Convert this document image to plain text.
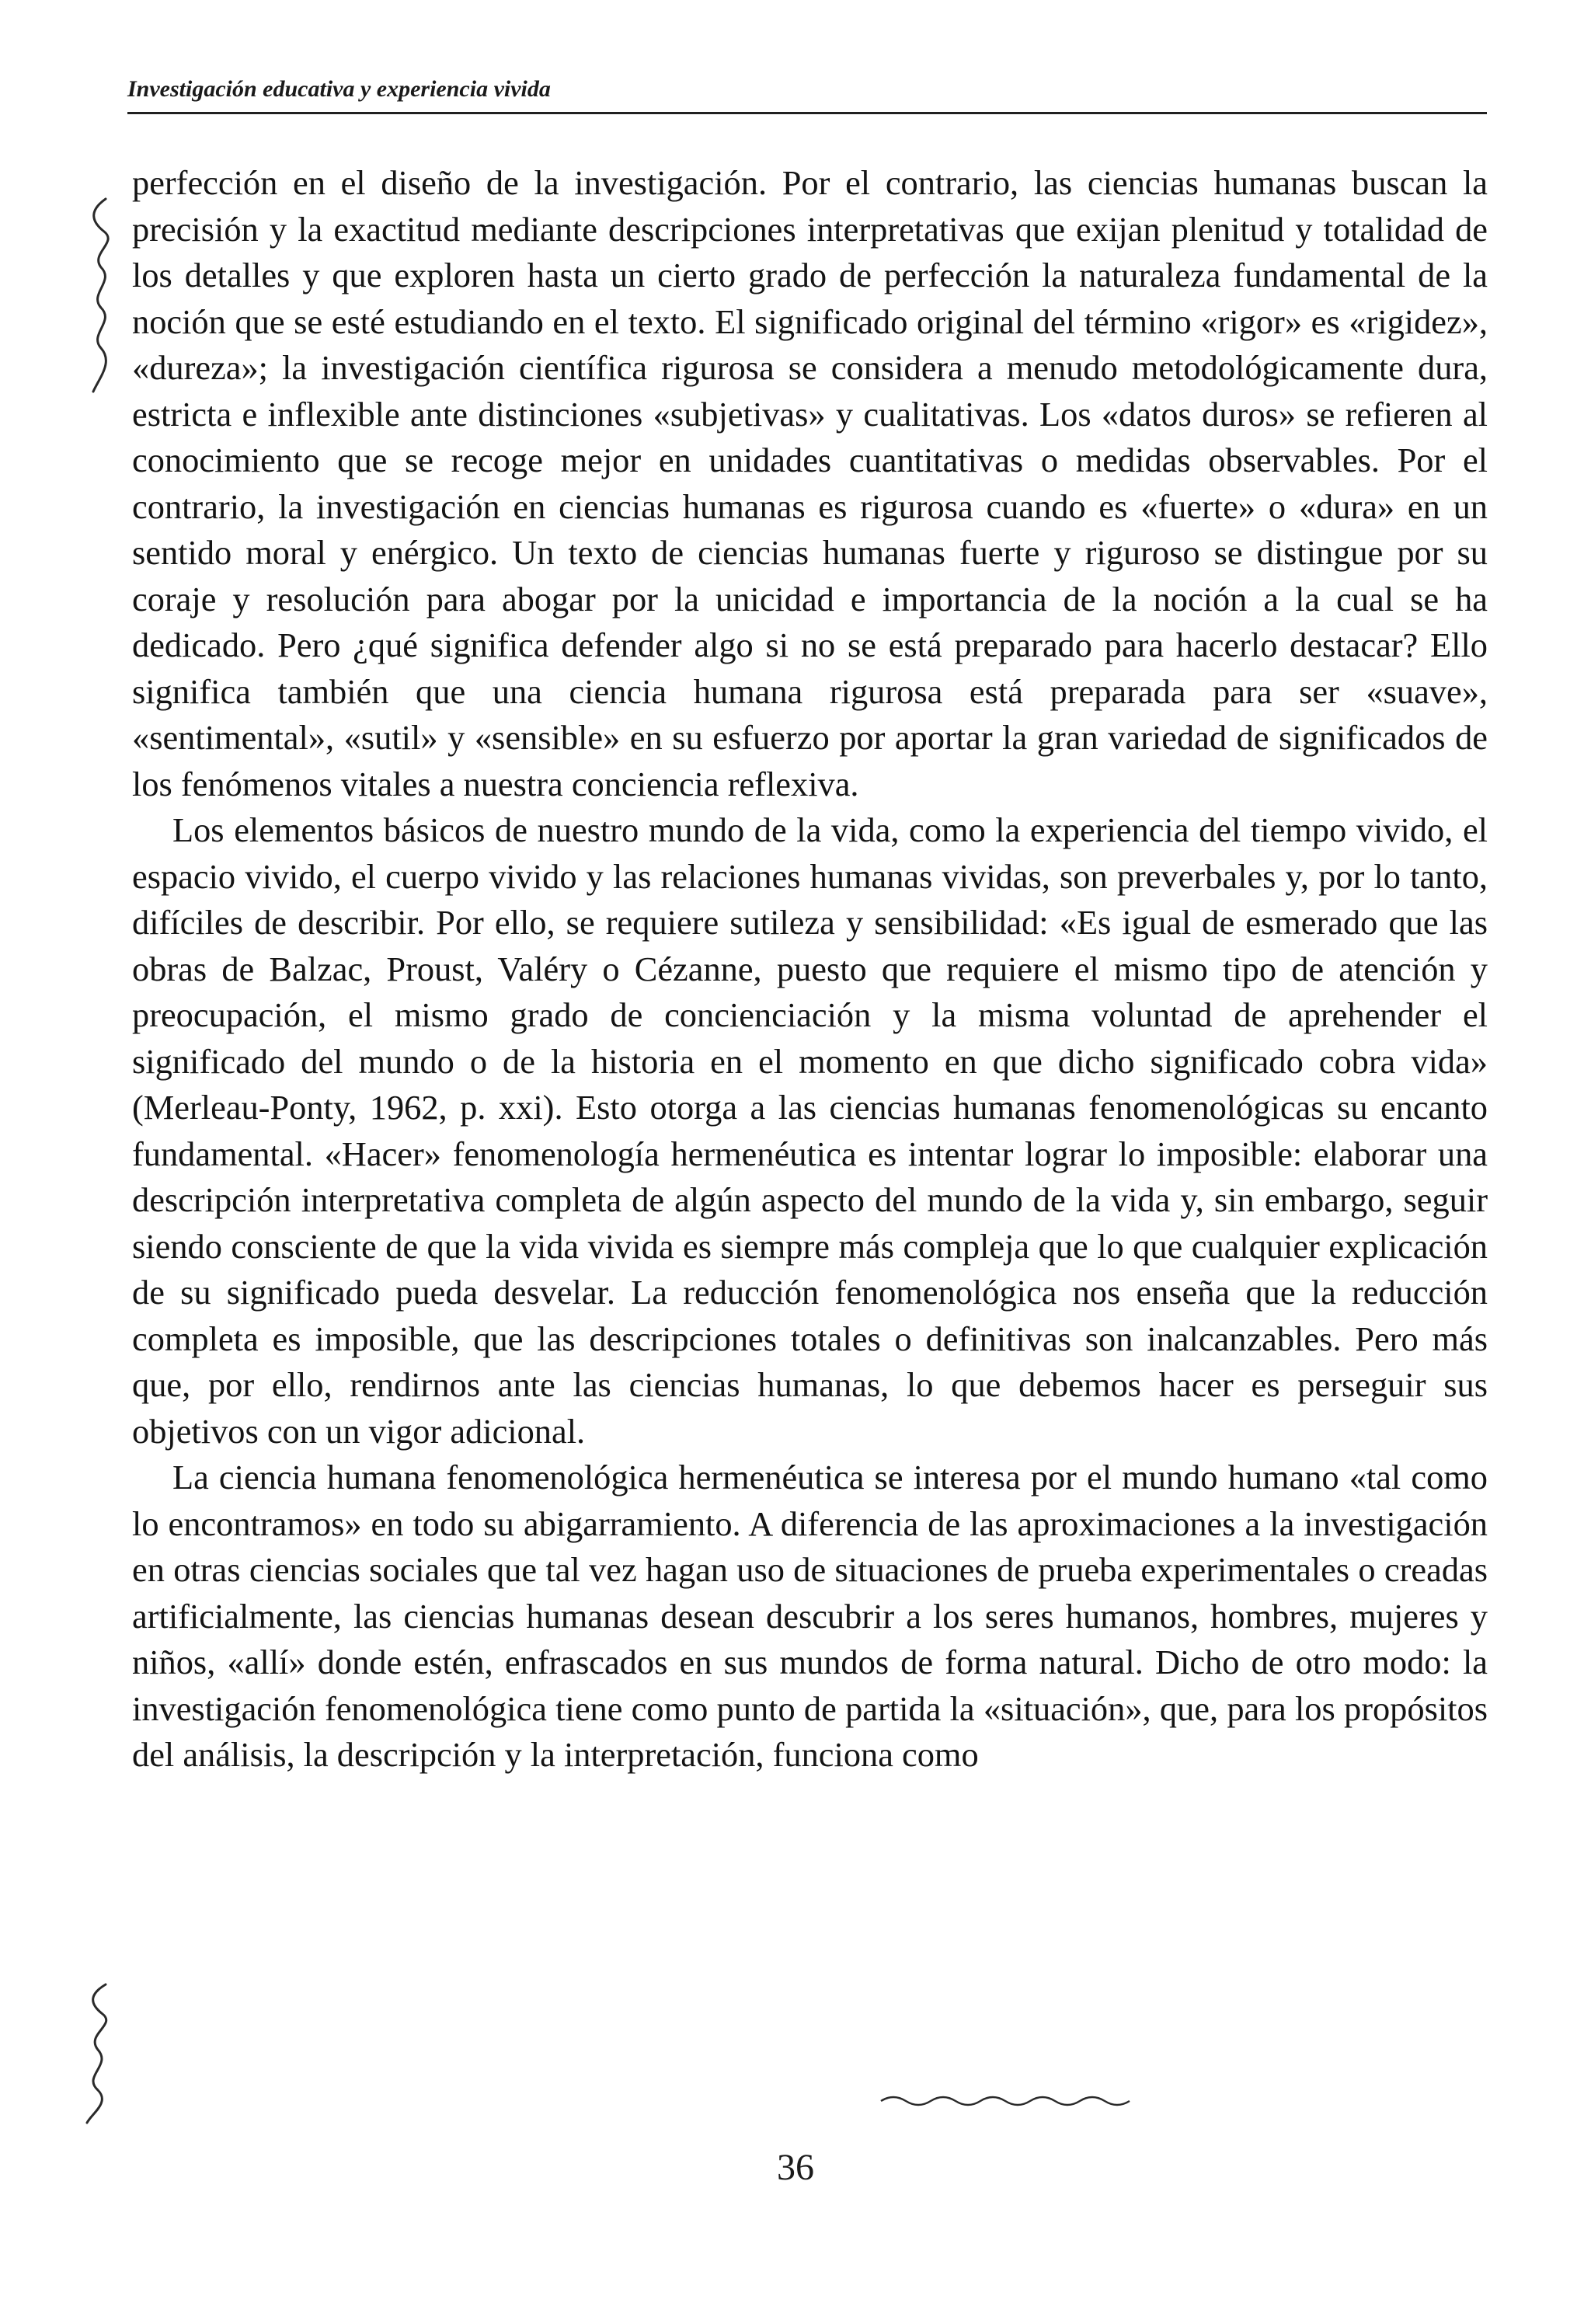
Investigación educativa y experiencia vivida

perfección en el diseño de la investigación. Por el contrario, las ciencias humanas buscan la precisión y la exactitud mediante descripciones interpretativas que exijan plenitud y totalidad de los detalles y que exploren hasta un cierto grado de perfección la naturaleza fundamental de la noción que se esté estudiando en el texto. El significado original del término «rigor» es «rigidez», «dureza»; la investigación científica rigurosa se considera a menudo metodológicamente dura, estricta e inflexible ante distinciones «subjetivas» y cualitativas. Los «datos duros» se refieren al conocimiento que se recoge mejor en unidades cuantitativas o medidas observables. Por el contrario, la investigación en ciencias humanas es rigurosa cuando es «fuerte» o «dura» en un sentido moral y enérgico. Un texto de ciencias humanas fuerte y riguroso se distingue por su coraje y resolución para abogar por la unicidad e importancia de la noción a la cual se ha dedicado. Pero ¿qué significa defender algo si no se está preparado para hacerlo destacar? Ello significa también que una ciencia humana rigurosa está preparada para ser «suave», «sentimental», «sutil» y «sensible» en su esfuerzo por aportar la gran variedad de significados de los fenómenos vitales a nuestra conciencia reflexiva.

Los elementos básicos de nuestro mundo de la vida, como la experiencia del tiempo vivido, el espacio vivido, el cuerpo vivido y las relaciones humanas vividas, son preverbales y, por lo tanto, difíciles de describir. Por ello, se requiere sutileza y sensibilidad: «Es igual de esmerado que las obras de Balzac, Proust, Valéry o Cézanne, puesto que requiere el mismo tipo de atención y preocupación, el mismo grado de concienciación y la misma voluntad de aprehender el significado del mundo o de la historia en el momento en que dicho significado cobra vida» (Merleau-Ponty, 1962, p. xxi). Esto otorga a las ciencias humanas fenomenológicas su encanto fundamental. «Hacer» fenomenología hermenéutica es intentar lograr lo imposible: elaborar una descripción interpretativa completa de algún aspecto del mundo de la vida y, sin embargo, seguir siendo consciente de que la vida vivida es siempre más compleja que lo que cualquier explicación de su significado pueda desvelar. La reducción fenomenológica nos enseña que la reducción completa es imposible, que las descripciones totales o definitivas son inalcanzables. Pero más que, por ello, rendirnos ante las ciencias humanas, lo que debemos hacer es perseguir sus objetivos con un vigor adicional.

La ciencia humana fenomenológica hermenéutica se interesa por el mundo humano «tal como lo encontramos» en todo su abigarramiento. A diferencia de las aproximaciones a la investigación en otras ciencias sociales que tal vez hagan uso de situaciones de prueba experimentales o creadas artificialmente, las ciencias humanas desean descubrir a los seres humanos, hombres, mujeres y niños, «allí» donde estén, enfrascados en sus mundos de forma natural. Dicho de otro modo: la investigación fenomenológica tiene como punto de partida la «situación», que, para los propósitos del análisis, la descripción y la interpretación, funciona como

36
